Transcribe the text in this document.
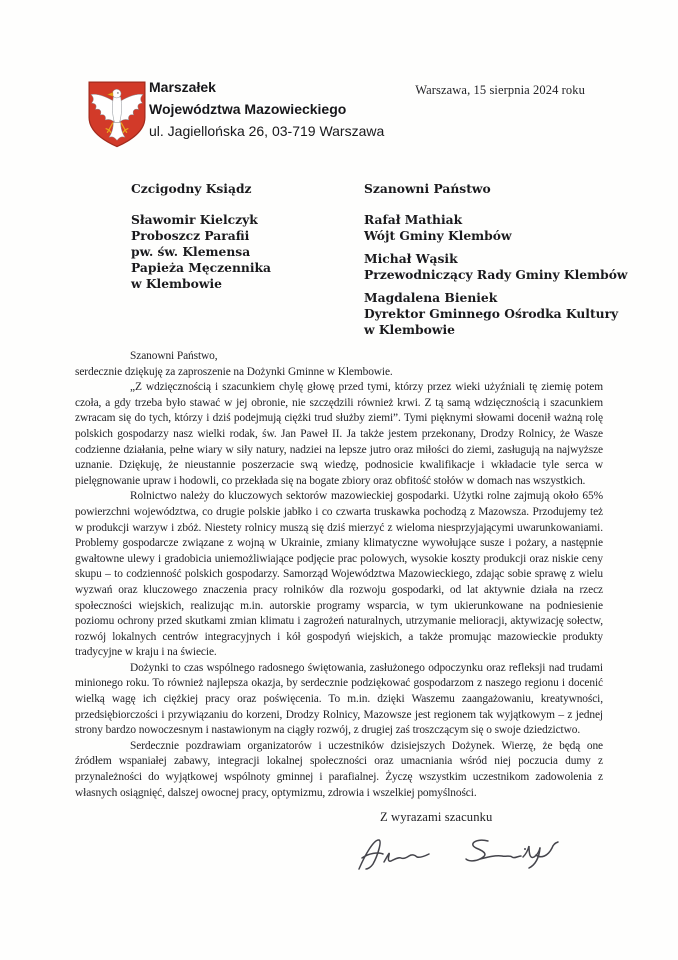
Marszałek
Województwa Mazowieckiego
ul. Jagiellońska 26, 03-719 Warszawa
Warszawa, 15 sierpnia 2024 roku
Czcigodny Ksiądz
Sławomir Kielczyk
Proboszcz Parafii
pw. św. Klemensa
Papieża Męczennika
w Klembowie
Szanowni Państwo
Rafał Mathiak
Wójt Gminy Klembów
Michał Wąsik
Przewodniczący Rady Gminy Klembów
Magdalena Bieniek
Dyrektor Gminnego Ośrodka Kultury
w Klembowie

Szanowni Państwo,
serdecznie dziękuję za zaproszenie na Dożynki Gminne w Klembowie.

„Z wdzięcznością i szacunkiem chylę głowę przed tymi, którzy przez wieki użyźniali tę ziemię potem czoła, a gdy trzeba było stawać w jej obronie, nie szczędzili również krwi. Z tą samą wdzięcznością i szacunkiem zwracam się do tych, którzy i dziś podejmują ciężki trud służby ziemi”. Tymi pięknymi słowami docenił ważną rolę polskich gospodarzy nasz wielki rodak, św. Jan Paweł II. Ja także jestem przekonany, Drodzy Rolnicy, że Wasze codzienne działania, pełne wiary w siły natury, nadziei na lepsze jutro oraz miłości do ziemi, zasługują na najwyższe uznanie. Dziękuję, że nieustannie poszerzacie swą wiedzę, podnosicie kwalifikacje i wkładacie tyle serca w pielęgnowanie upraw i hodowli, co przekłada się na bogate zbiory oraz obfitość stołów w domach nas wszystkich.

Rolnictwo należy do kluczowych sektorów mazowieckiej gospodarki. Użytki rolne zajmują około 65% powierzchni województwa, co drugie polskie jabłko i co czwarta truskawka pochodzą z Mazowsza. Przodujemy też w produkcji warzyw i zbóż. Niestety rolnicy muszą się dziś mierzyć z wieloma niesprzyjającymi uwarunkowaniami. Problemy gospodarcze związane z wojną w Ukrainie, zmiany klimatyczne wywołujące susze i pożary, a następnie gwałtowne ulewy i gradobicia uniemożliwiające podjęcie prac polowych, wysokie koszty produkcji oraz niskie ceny skupu – to codzienność polskich gospodarzy. Samorząd Województwa Mazowieckiego, zdając sobie sprawę z wielu wyzwań oraz kluczowego znaczenia pracy rolników dla rozwoju gospodarki, od lat aktywnie działa na rzecz społeczności wiejskich, realizując m.in. autorskie programy wsparcia, w tym ukierunkowane na podniesienie poziomu ochrony przed skutkami zmian klimatu i zagrożeń naturalnych, utrzymanie melioracji, aktywizację sołectw, rozwój lokalnych centrów integracyjnych i kół gospodyń wiejskich, a także promując mazowieckie produkty tradycyjne w kraju i na świecie.

Dożynki to czas wspólnego radosnego świętowania, zasłużonego odpoczynku oraz refleksji nad trudami minionego roku. To również najlepsza okazja, by serdecznie podziękować gospodarzom z naszego regionu i docenić wielką wagę ich ciężkiej pracy oraz poświęcenia. To m.in. dzięki Waszemu zaangażowaniu, kreatywności, przedsiębiorczości i przywiązaniu do korzeni, Drodzy Rolnicy, Mazowsze jest regionem tak wyjątkowym – z jednej strony bardzo nowoczesnym i nastawionym na ciągły rozwój, z drugiej zaś troszczącym się o swoje dziedzictwo.

Serdecznie pozdrawiam organizatorów i uczestników dzisiejszych Dożynek. Wierzę, że będą one źródłem wspaniałej zabawy, integracji lokalnej społeczności oraz umacniania wśród niej poczucia dumy z przynależności do wyjątkowej wspólnoty gminnej i parafialnej. Życzę wszystkim uczestnikom zadowolenia z własnych osiągnięć, dalszej owocnej pracy, optymizmu, zdrowia i wszelkiej pomyślności.

Z wyrazami szacunku
